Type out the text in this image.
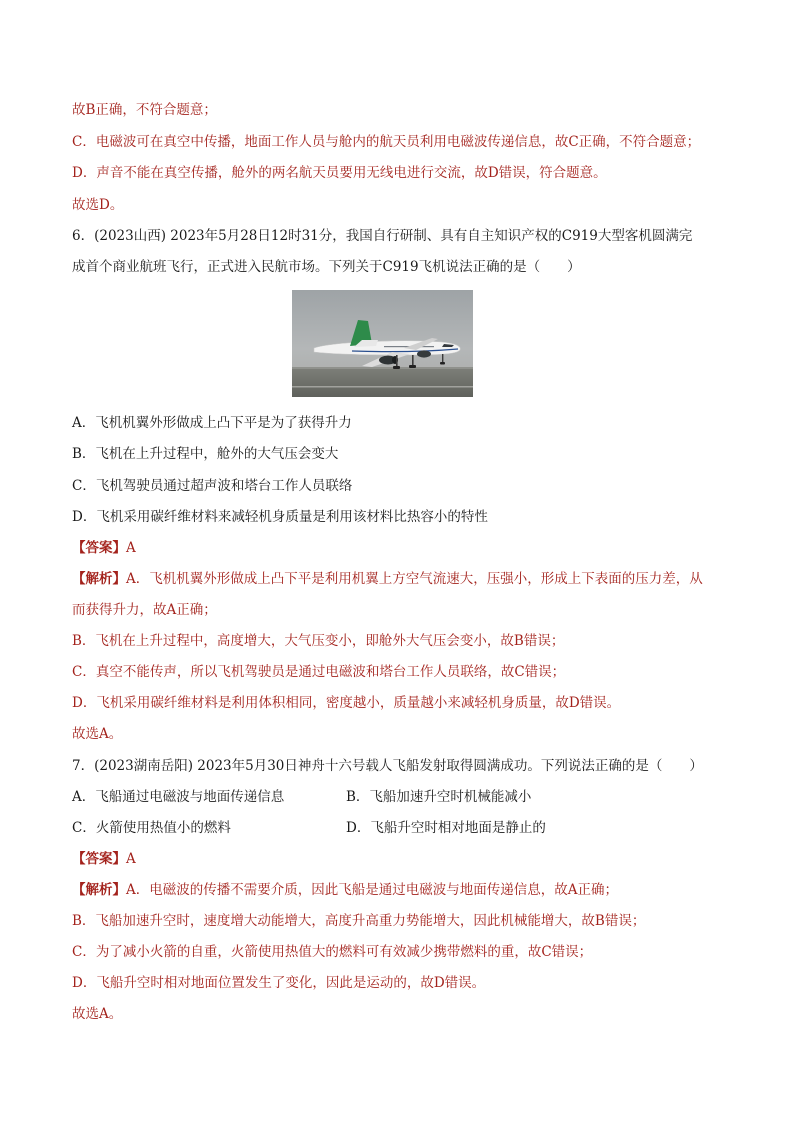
故B正确，不符合题意；
C．电磁波可在真空中传播，地面工作人员与舱内的航天员利用电磁波传递信息，故C正确，不符合题意；
D．声音不能在真空传播，舱外的两名航天员要用无线电进行交流，故D错误，符合题意。
故选D。
6．(2023山西) 2023年5月28日12时31分，我国自行研制、具有自主知识产权的C919大型客机圆满完
成首个商业航班飞行，正式进入民航市场。下列关于C919飞机说法正确的是（　　）
A．飞机机翼外形做成上凸下平是为了获得升力
B．飞机在上升过程中，舱外的大气压会变大
C．飞机驾驶员通过超声波和塔台工作人员联络
D．飞机采用碳纤维材料来减轻机身质量是利用该材料比热容小的特性
【答案】A
【解析】A．飞机机翼外形做成上凸下平是利用机翼上方空气流速大，压强小，形成上下表面的压力差，从
而获得升力，故A正确；
B．飞机在上升过程中，高度增大，大气压变小，即舱外大气压会变小，故B错误；
C．真空不能传声，所以飞机驾驶员是通过电磁波和塔台工作人员联络，故C错误；
D．飞机采用碳纤维材料是利用体积相同，密度越小，质量越小来减轻机身质量，故D错误。
故选A。
7．(2023湖南岳阳) 2023年5月30日神舟十六号载人飞船发射取得圆满成功。下列说法正确的是（　　）
A．飞船通过电磁波与地面传递信息	B．飞船加速升空时机械能减小
C．火箭使用热值小的燃料	D．飞船升空时相对地面是静止的
【答案】A
【解析】A．电磁波的传播不需要介质，因此飞船是通过电磁波与地面传递信息，故A正确；
B．飞船加速升空时，速度增大动能增大，高度升高重力势能增大，因此机械能增大，故B错误；
C．为了减小火箭的自重，火箭使用热值大的燃料可有效减少携带燃料的重，故C错误；
D．飞船升空时相对地面位置发生了变化，因此是运动的，故D错误。
故选A。
